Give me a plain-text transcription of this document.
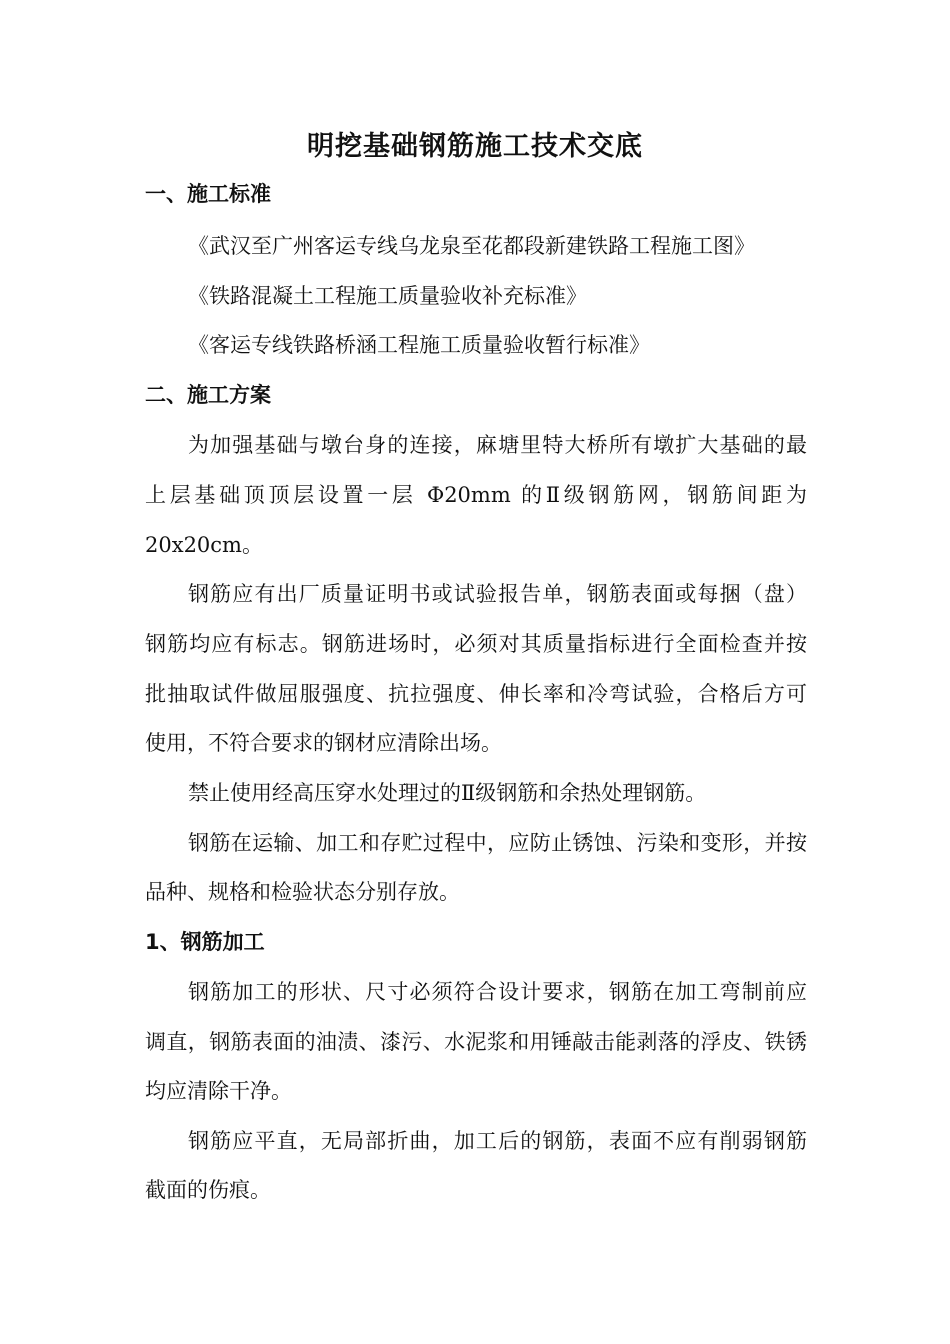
明挖基础钢筋施工技术交底
一、施工标准
《武汉至广州客运专线乌龙泉至花都段新建铁路工程施工图》
《铁路混凝土工程施工质量验收补充标准》
《客运专线铁路桥涵工程施工质量验收暂行标准》
二、施工方案
为加强基础与墩台身的连接，麻塘里特大桥所有墩扩大基础的最
上层基础顶顶层设置一层 Φ20mm 的Ⅱ级钢筋网，钢筋间距为
20x20cm。
钢筋应有出厂质量证明书或试验报告单，钢筋表面或每捆（盘）
钢筋均应有标志。钢筋进场时，必须对其质量指标进行全面检查并按
批抽取试件做屈服强度、抗拉强度、伸长率和冷弯试验，合格后方可
使用，不符合要求的钢材应清除出场。
禁止使用经高压穿水处理过的Ⅱ级钢筋和余热处理钢筋。
钢筋在运输、加工和存贮过程中，应防止锈蚀、污染和变形，并按
品种、规格和检验状态分别存放。
1、钢筋加工
钢筋加工的形状、尺寸必须符合设计要求，钢筋在加工弯制前应
调直，钢筋表面的油渍、漆污、水泥浆和用锤敲击能剥落的浮皮、铁锈
均应清除干净。
钢筋应平直，无局部折曲，加工后的钢筋，表面不应有削弱钢筋
截面的伤痕。
